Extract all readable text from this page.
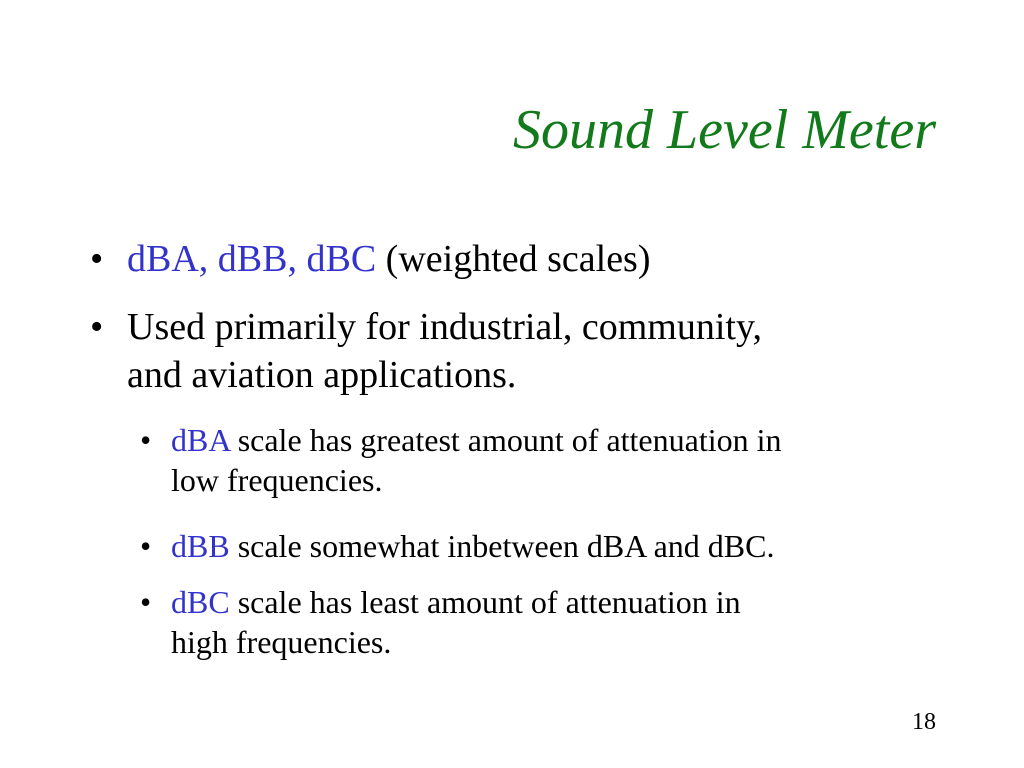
Sound Level Meter
• dBA, dBB, dBC (weighted scales)
• Used primarily for industrial, community,
and aviation applications.
• dBA scale has greatest amount of attenuation in
low frequencies.
• dBB scale somewhat inbetween dBA and dBC.
• dBC scale has least amount of attenuation in
high frequencies.
18
